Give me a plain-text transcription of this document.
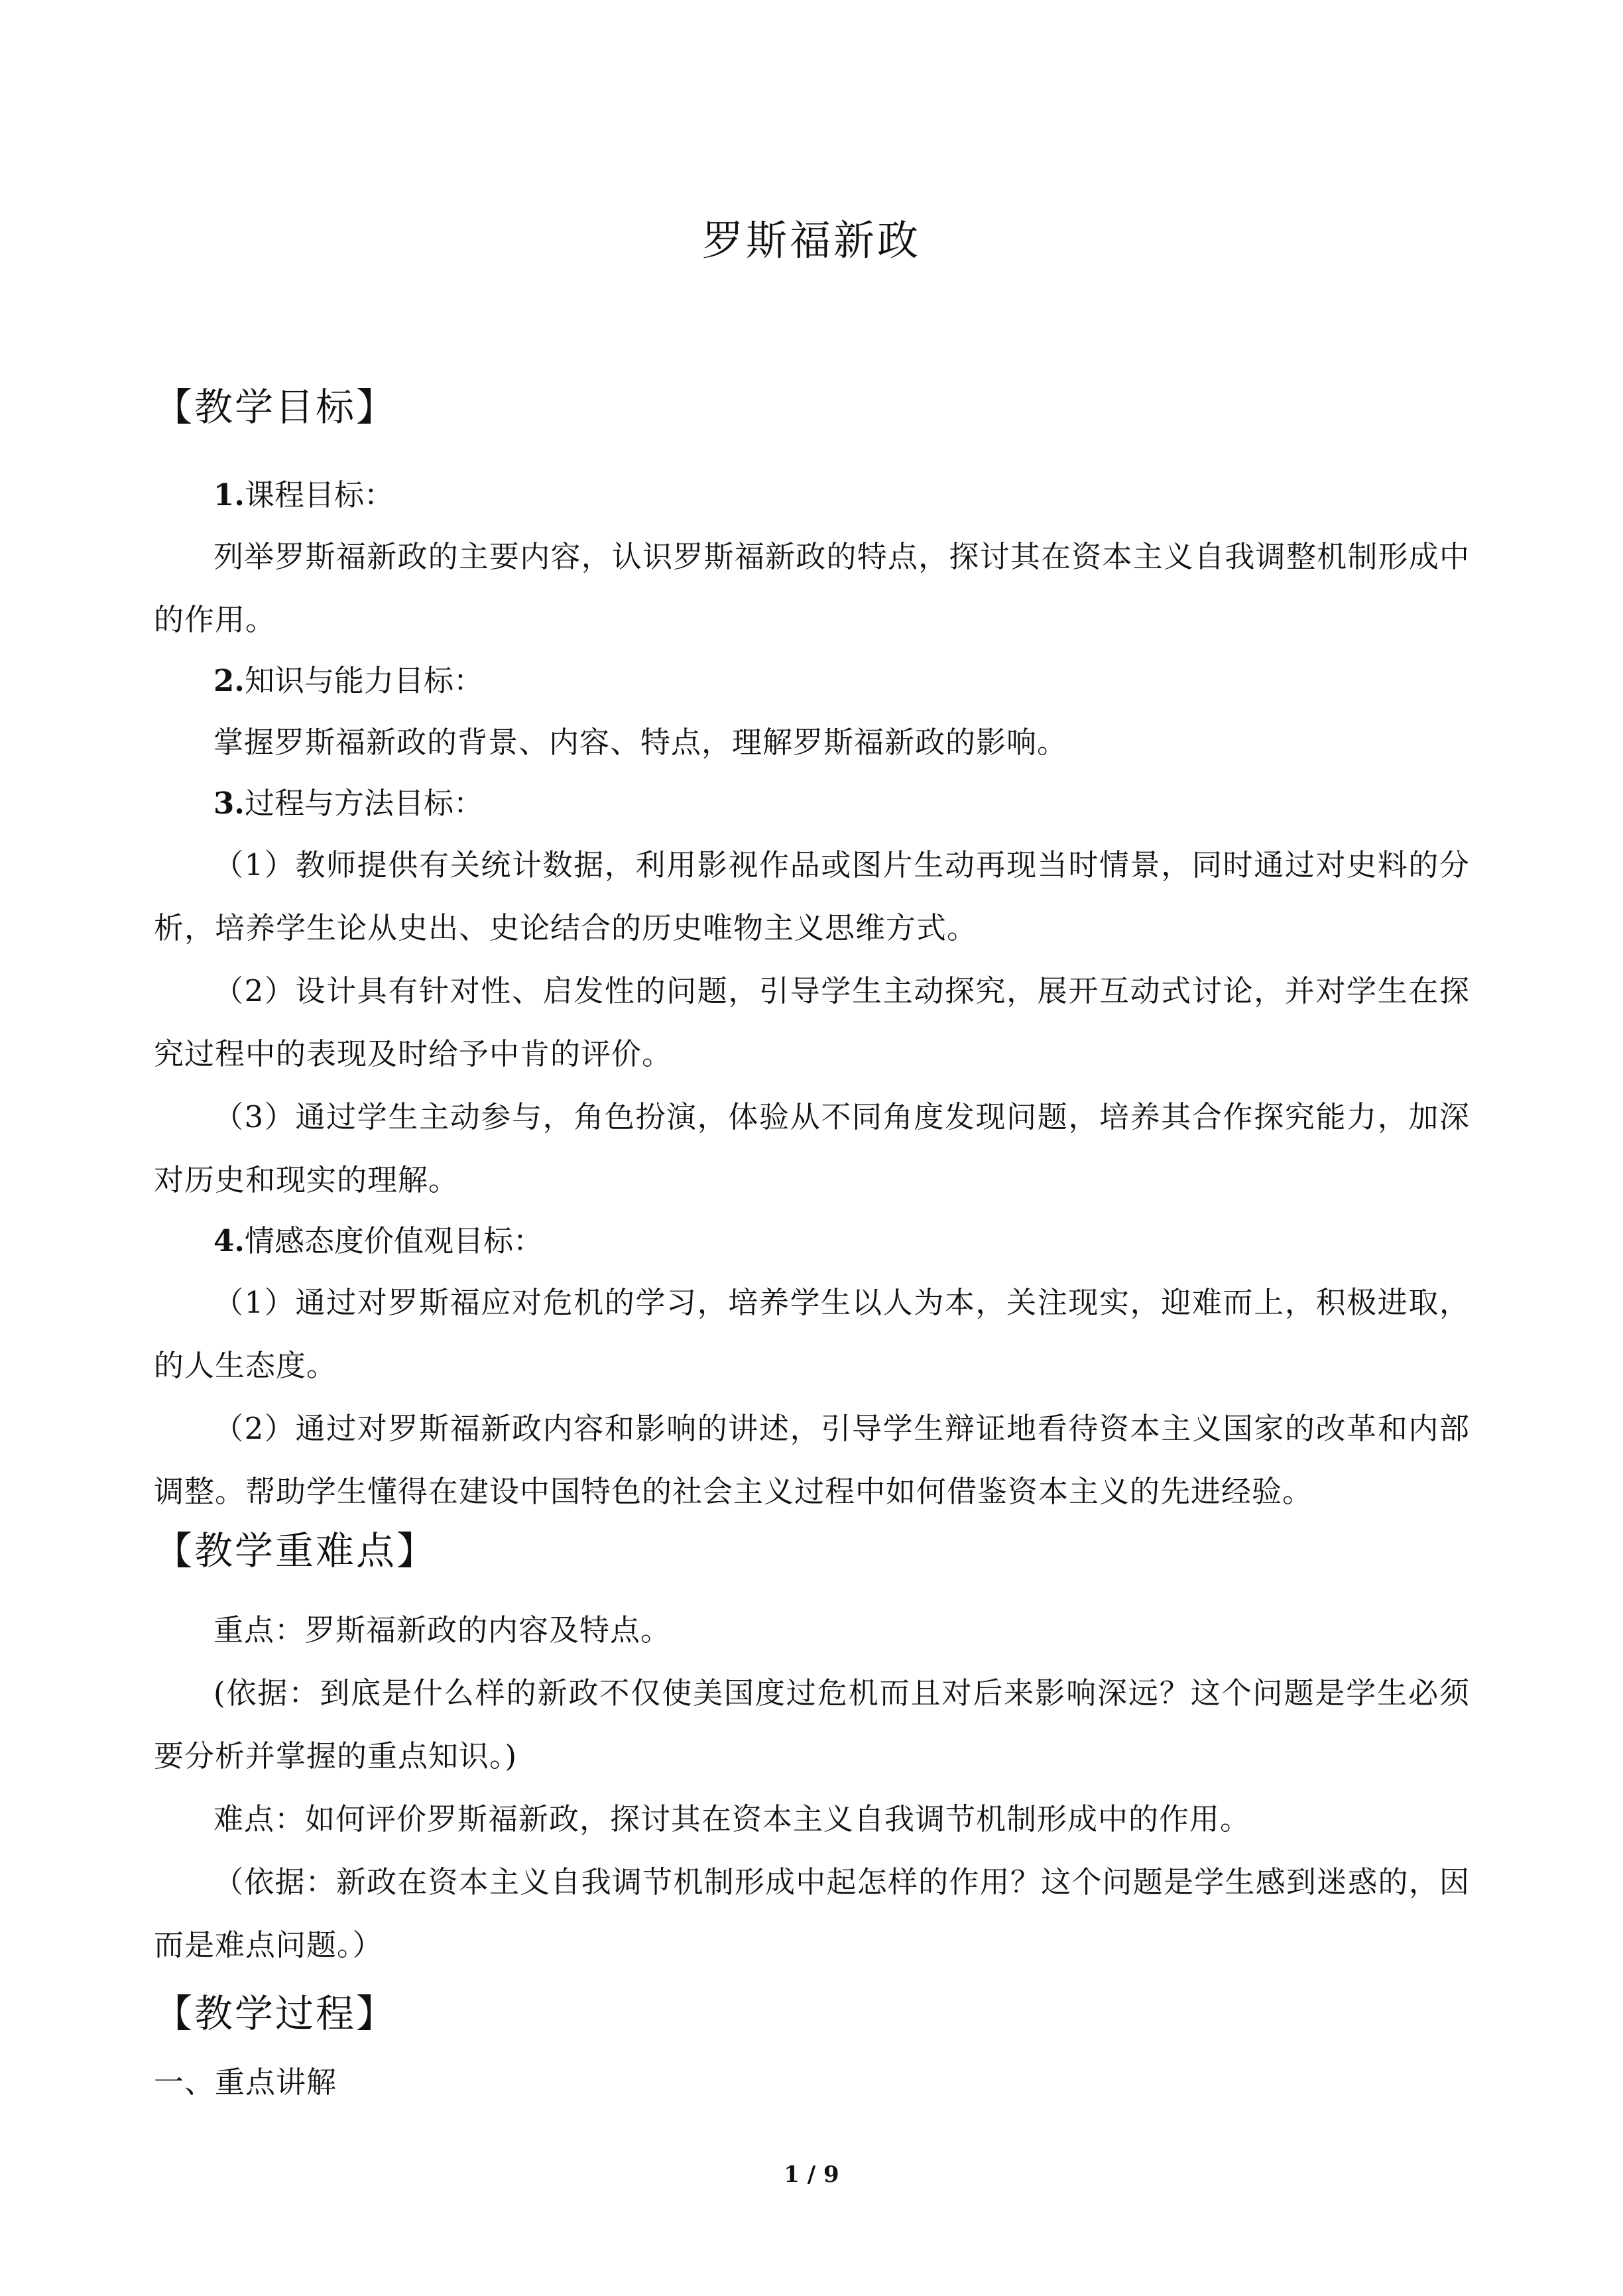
罗斯福新政
【教学目标】

1.课程目标：

列举罗斯福新政的主要内容，认识罗斯福新政的特点，探讨其在资本主义自我调整机制形成中的作用。

2.知识与能力目标：

掌握罗斯福新政的背景、内容、特点，理解罗斯福新政的影响。

3.过程与方法目标：

（1）教师提供有关统计数据，利用影视作品或图片生动再现当时情景，同时通过对史料的分析，培养学生论从史出、史论结合的历史唯物主义思维方式。

（2）设计具有针对性、启发性的问题，引导学生主动探究，展开互动式讨论，并对学生在探究过程中的表现及时给予中肯的评价。

（3）通过学生主动参与，角色扮演，体验从不同角度发现问题，培养其合作探究能力，加深对历史和现实的理解。

4.情感态度价值观目标：

（1）通过对罗斯福应对危机的学习，培养学生以人为本，关注现实，迎难而上，积极进取，的人生态度。

（2）通过对罗斯福新政内容和影响的讲述，引导学生辩证地看待资本主义国家的改革和内部调整。帮助学生懂得在建设中国特色的社会主义过程中如何借鉴资本主义的先进经验。

【教学重难点】

重点：罗斯福新政的内容及特点。

(依据：到底是什么样的新政不仅使美国度过危机而且对后来影响深远？这个问题是学生必须要分析并掌握的重点知识。)

难点：如何评价罗斯福新政，探讨其在资本主义自我调节机制形成中的作用。

（依据：新政在资本主义自我调节机制形成中起怎样的作用？这个问题是学生感到迷惑的，因而是难点问题。）

【教学过程】

一、重点讲解

1 / 9
